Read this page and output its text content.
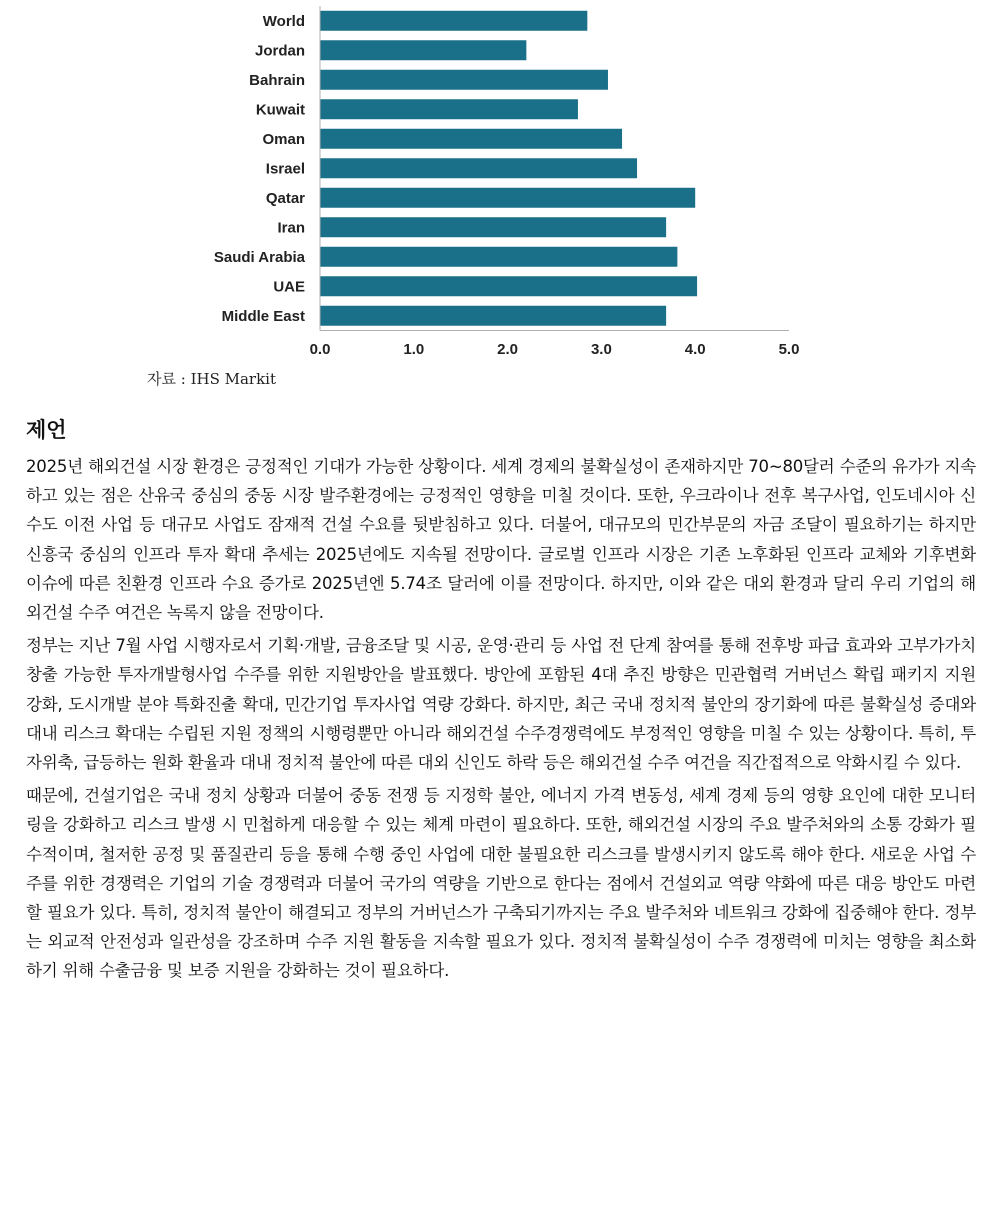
World
Jordan
Bahrain
Kuwait
Oman
Israel
Qatar
Iran
Saudi Arabia
UAE
Middle East
0.0	1.0	2.0	3.0	4.0	5.0
자료 : IHS Markit
제언

2025년 해외건설 시장 환경은 긍정적인 기대가 가능한 상황이다. 세계 경제의 불확실성이 존재하지만 70~80달러 수준의 유가가 지속하고 있는 점은 산유국 중심의 중동 시장 발주환경에는 긍정적인 영향을 미칠 것이다. 또한, 우크라이나 전후 복구사업, 인도네시아 신수도 이전 사업 등 대규모 사업도 잠재적 건설 수요를 뒷받침하고 있다. 더불어, 대규모의 민간부문의 자금 조달이 필요하기는 하지만 신흥국 중심의 인프라 투자 확대 추세는 2025년에도 지속될 전망이다. 글로벌 인프라 시장은 기존 노후화된 인프라 교체와 기후변화 이슈에 따른 친환경 인프라 수요 증가로 2025년엔 5.74조 달러에 이를 전망이다. 하지만, 이와 같은 대외 환경과 달리 우리 기업의 해외건설 수주 여건은 녹록지 않을 전망이다.

정부는 지난 7월 사업 시행자로서 기획·개발, 금융조달 및 시공, 운영·관리 등 사업 전 단계 참여를 통해 전후방 파급 효과와 고부가가치 창출 가능한 투자개발형사업 수주를 위한 지원방안을 발표했다. 방안에 포함된 4대 추진 방향은 민관협력 거버넌스 확립 패키지 지원 강화, 도시개발 분야 특화진출 확대, 민간기업 투자사업 역량 강화다. 하지만, 최근 국내 정치적 불안의 장기화에 따른 불확실성 증대와 대내 리스크 확대는 수립된 지원 정책의 시행령뿐만 아니라 해외건설 수주경쟁력에도 부정적인 영향을 미칠 수 있는 상황이다. 특히, 투자위축, 급등하는 원화 환율과 대내 정치적 불안에 따른 대외 신인도 하락 등은 해외건설 수주 여건을 직간접적으로 악화시킬 수 있다.

때문에, 건설기업은 국내 정치 상황과 더불어 중동 전쟁 등 지정학 불안, 에너지 가격 변동성, 세계 경제 등의 영향 요인에 대한 모니터링을 강화하고 리스크 발생 시 민첩하게 대응할 수 있는 체계 마련이 필요하다. 또한, 해외건설 시장의 주요 발주처와의 소통 강화가 필수적이며, 철저한 공정 및 품질관리 등을 통해 수행 중인 사업에 대한 불필요한 리스크를 발생시키지 않도록 해야 한다. 새로운 사업 수주를 위한 경쟁력은 기업의 기술 경쟁력과 더불어 국가의 역량을 기반으로 한다는 점에서 건설외교 역량 약화에 따른 대응 방안도 마련할 필요가 있다. 특히, 정치적 불안이 해결되고 정부의 거버넌스가 구축되기까지는 주요 발주처와 네트워크 강화에 집중해야 한다. 정부는 외교적 안전성과 일관성을 강조하며 수주 지원 활동을 지속할 필요가 있다. 정치적 불확실성이 수주 경쟁력에 미치는 영향을 최소화하기 위해 수출금융 및 보증 지원을 강화하는 것이 필요하다.
